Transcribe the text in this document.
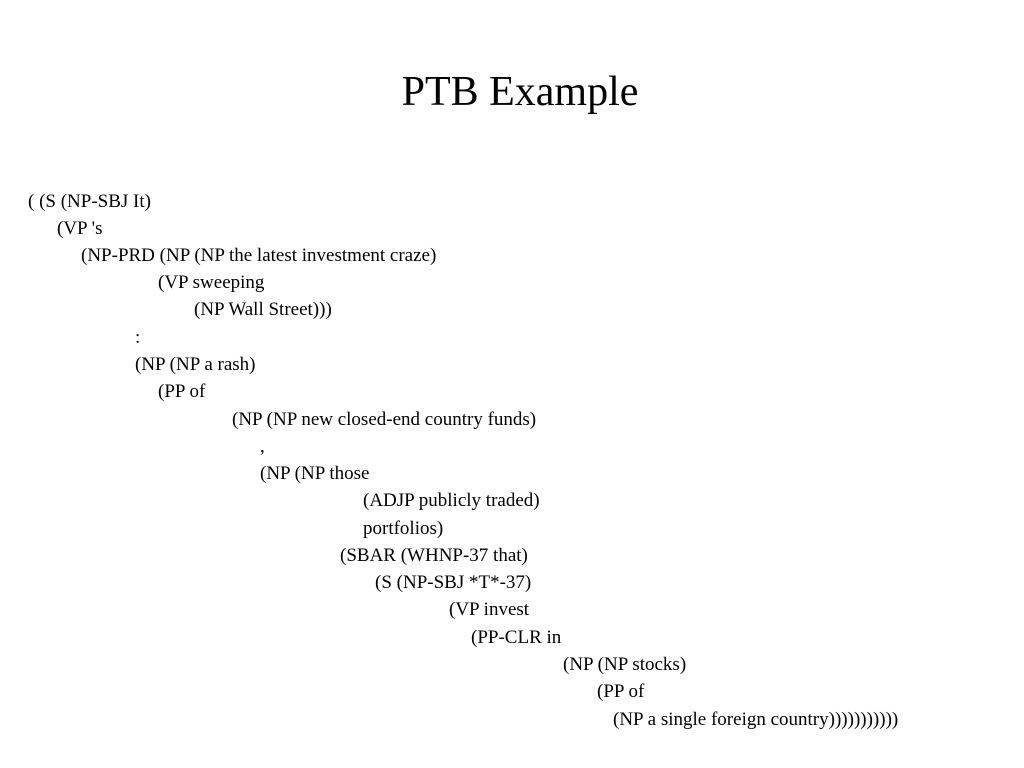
PTB Example
( (S (NP-SBJ It)
(VP 's
(NP-PRD (NP (NP the latest investment craze)
(VP sweeping
(NP Wall Street)))
:
(NP (NP a rash)
(PP of
(NP (NP new closed-end country funds)
,
(NP (NP those
(ADJP publicly traded)
portfolios)
(SBAR (WHNP-37 that)
(S (NP-SBJ *T*-37)
(VP invest
(PP-CLR in
(NP (NP stocks)
(PP of
(NP a single foreign country)))))))))))
